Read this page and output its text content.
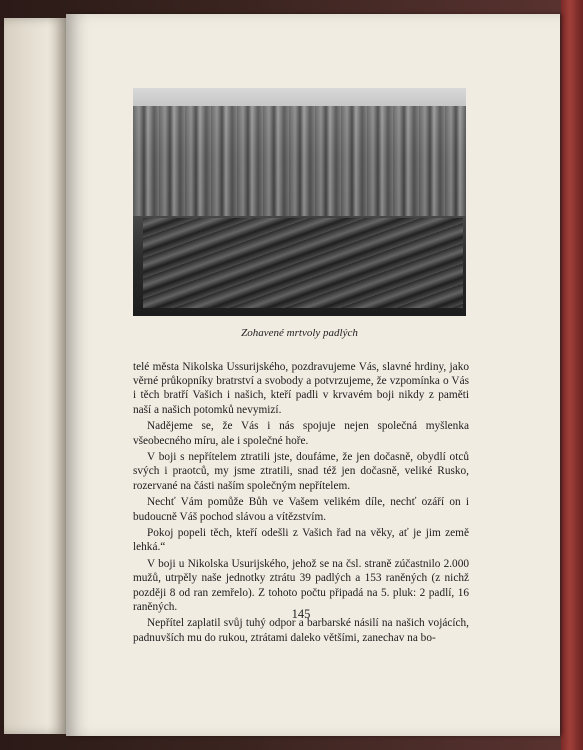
Zohavené mrtvoly padlých

telé města Nikolska Ussurijského, pozdravujeme Vás, slavné hrdiny, jako věrné průkopníky bratrství a svobody a potvrzujeme, že vzpomínka o Vás i těch bratří Vašich i našich, kteří padli v krvavém boji nikdy z paměti naší a našich potomků nevymizí.

Nadějeme se, že Vás i nás spojuje nejen společná myšlenka všeobecného míru, ale i společné hoře.

V boji s nepřítelem ztratili jste, doufáme, že jen dočasně, obydlí otců svých i praotců, my jsme ztratili, snad též jen dočasně, veliké Rusko, rozervané na části naším společným nepřítelem.

Nechť Vám pomůže Bůh ve Vašem velikém díle, nechť ozáří on i budoucně Váš pochod slávou a vítězstvím.

Pokoj popeli těch, kteří odešli z Vašich řad na věky, ať je jim země lehká.“

V boji u Nikolska Usurijského, jehož se na čsl. straně zúčastnilo 2.000 mužů, utrpěly naše jednotky ztrátu 39 padlých a 153 raněných (z nichž později 8 od ran zemřelo). Z tohoto počtu připadá na 5. pluk: 2 padlí, 16 raněných.

Nepřítel zaplatil svůj tuhý odpor a barbarské násilí na našich vojácích, padnuvších mu do rukou, ztrátami daleko většími, zanechav na bo-

145
